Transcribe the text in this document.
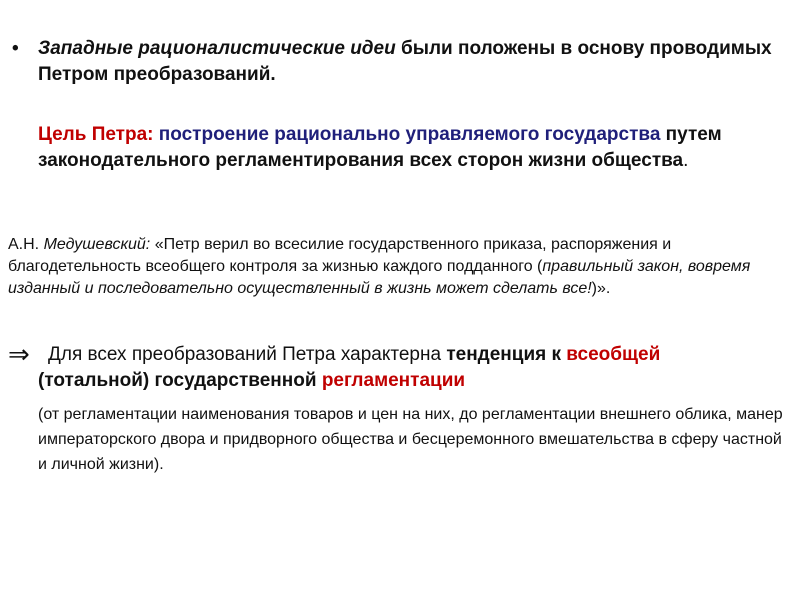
•	Западные рационалистические идеи были положены в основу проводимых Петром преобразований.
Цель Петра: построение рационально управляемого государства путем законодательного регламентирования всех сторон жизни общества.
А.Н. Медушевский: «Петр верил во всесилие государственного приказа, распоряжения и благодетельность всеобщего контроля за жизнью каждого подданного (правильный закон, вовремя изданный и последовательно осуществленный в жизнь может сделать все!)».
⇒ Для всех преобразований Петра характерна тенденция к всеобщей
(тотальной) государственной регламентации
(от регламентации наименования товаров и цен на них, до регламентации внешнего облика, манер императорского двора и придворного общества и бесцеремонного вмешательства в сферу частной и личной жизни).
